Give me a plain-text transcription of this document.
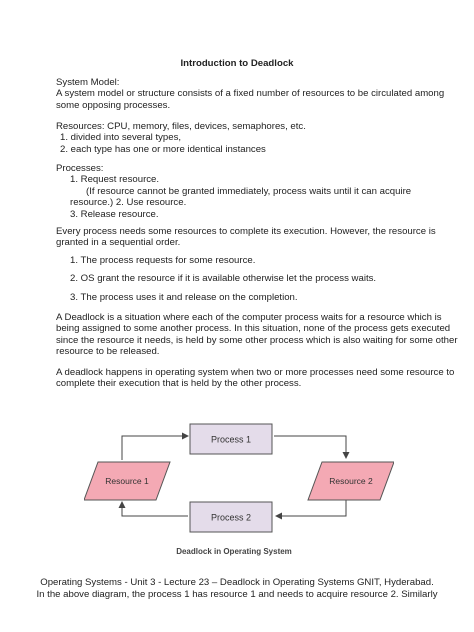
Introduction to Deadlock
System Model:
A system model or structure consists of a fixed number of resources to be circulated among
some opposing processes.
Resources: CPU, memory, files, devices, semaphores, etc.
1. divided into several types,
2. each type has one or more identical instances
Processes:
1. Request resource.
(If resource cannot be granted immediately, process waits until it can acquire
resource.) 2. Use resource.
3. Release resource.
Every process needs some resources to complete its execution. However, the resource is
granted in a sequential order.
1. The process requests for some resource.
2. OS grant the resource if it is available otherwise let the process waits.
3. The process uses it and release on the completion.
A Deadlock is a situation where each of the computer process waits for a resource which is
being assigned to some another process. In this situation, none of the process gets executed
since the resource it needs, is held by some other process which is also waiting for some other
resource to be released.
A deadlock happens in operating system when two or more processes need some resource to
complete their execution that is held by the other process.
Process 1
Process 2
Resource 1	Resource 2
Deadlock in Operating System
Operating Systems - Unit 3 - Lecture 23 – Deadlock in Operating Systems GNIT, Hyderabad.
In the above diagram, the process 1 has resource 1 and needs to acquire resource 2. Similarly
